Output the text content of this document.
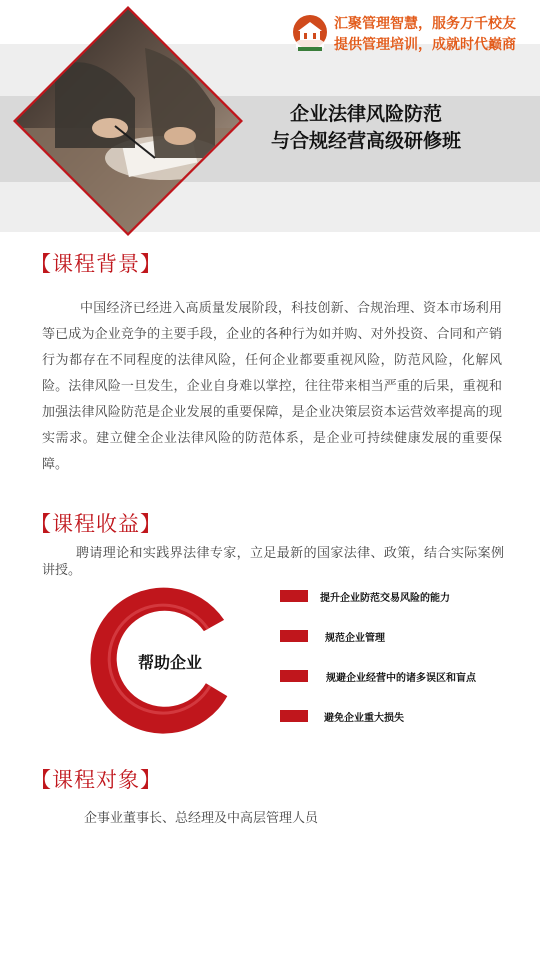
汇聚管理智慧，服务万千校友
提供管理培训，成就时代巅商
企业法律风险防范
与合规经营高级研修班
【课程背景】
中国经济已经进入高质量发展阶段，科技创新、合规治理、资本市场利用等已成为企业竞争的主要手段，企业的各种行为如并购、对外投资、合同和产销行为都存在不同程度的法律风险，任何企业都要重视风险，防范风险，化解风险。法律风险一旦发生，企业自身难以掌控，往往带来相当严重的后果，重视和加强法律风险防范是企业发展的重要保障，是企业决策层资本运营效率提高的现实需求。建立健全企业法律风险的防范体系，是企业可持续健康发展的重要保障。
【课程收益】
聘请理论和实践界法律专家，立足最新的国家法律、政策，结合实际案例讲授。
帮助企业
提升企业防范交易风险的能力
规范企业管理
规避企业经营中的诸多误区和盲点
避免企业重大损失
【课程对象】
企事业董事长、总经理及中高层管理人员
